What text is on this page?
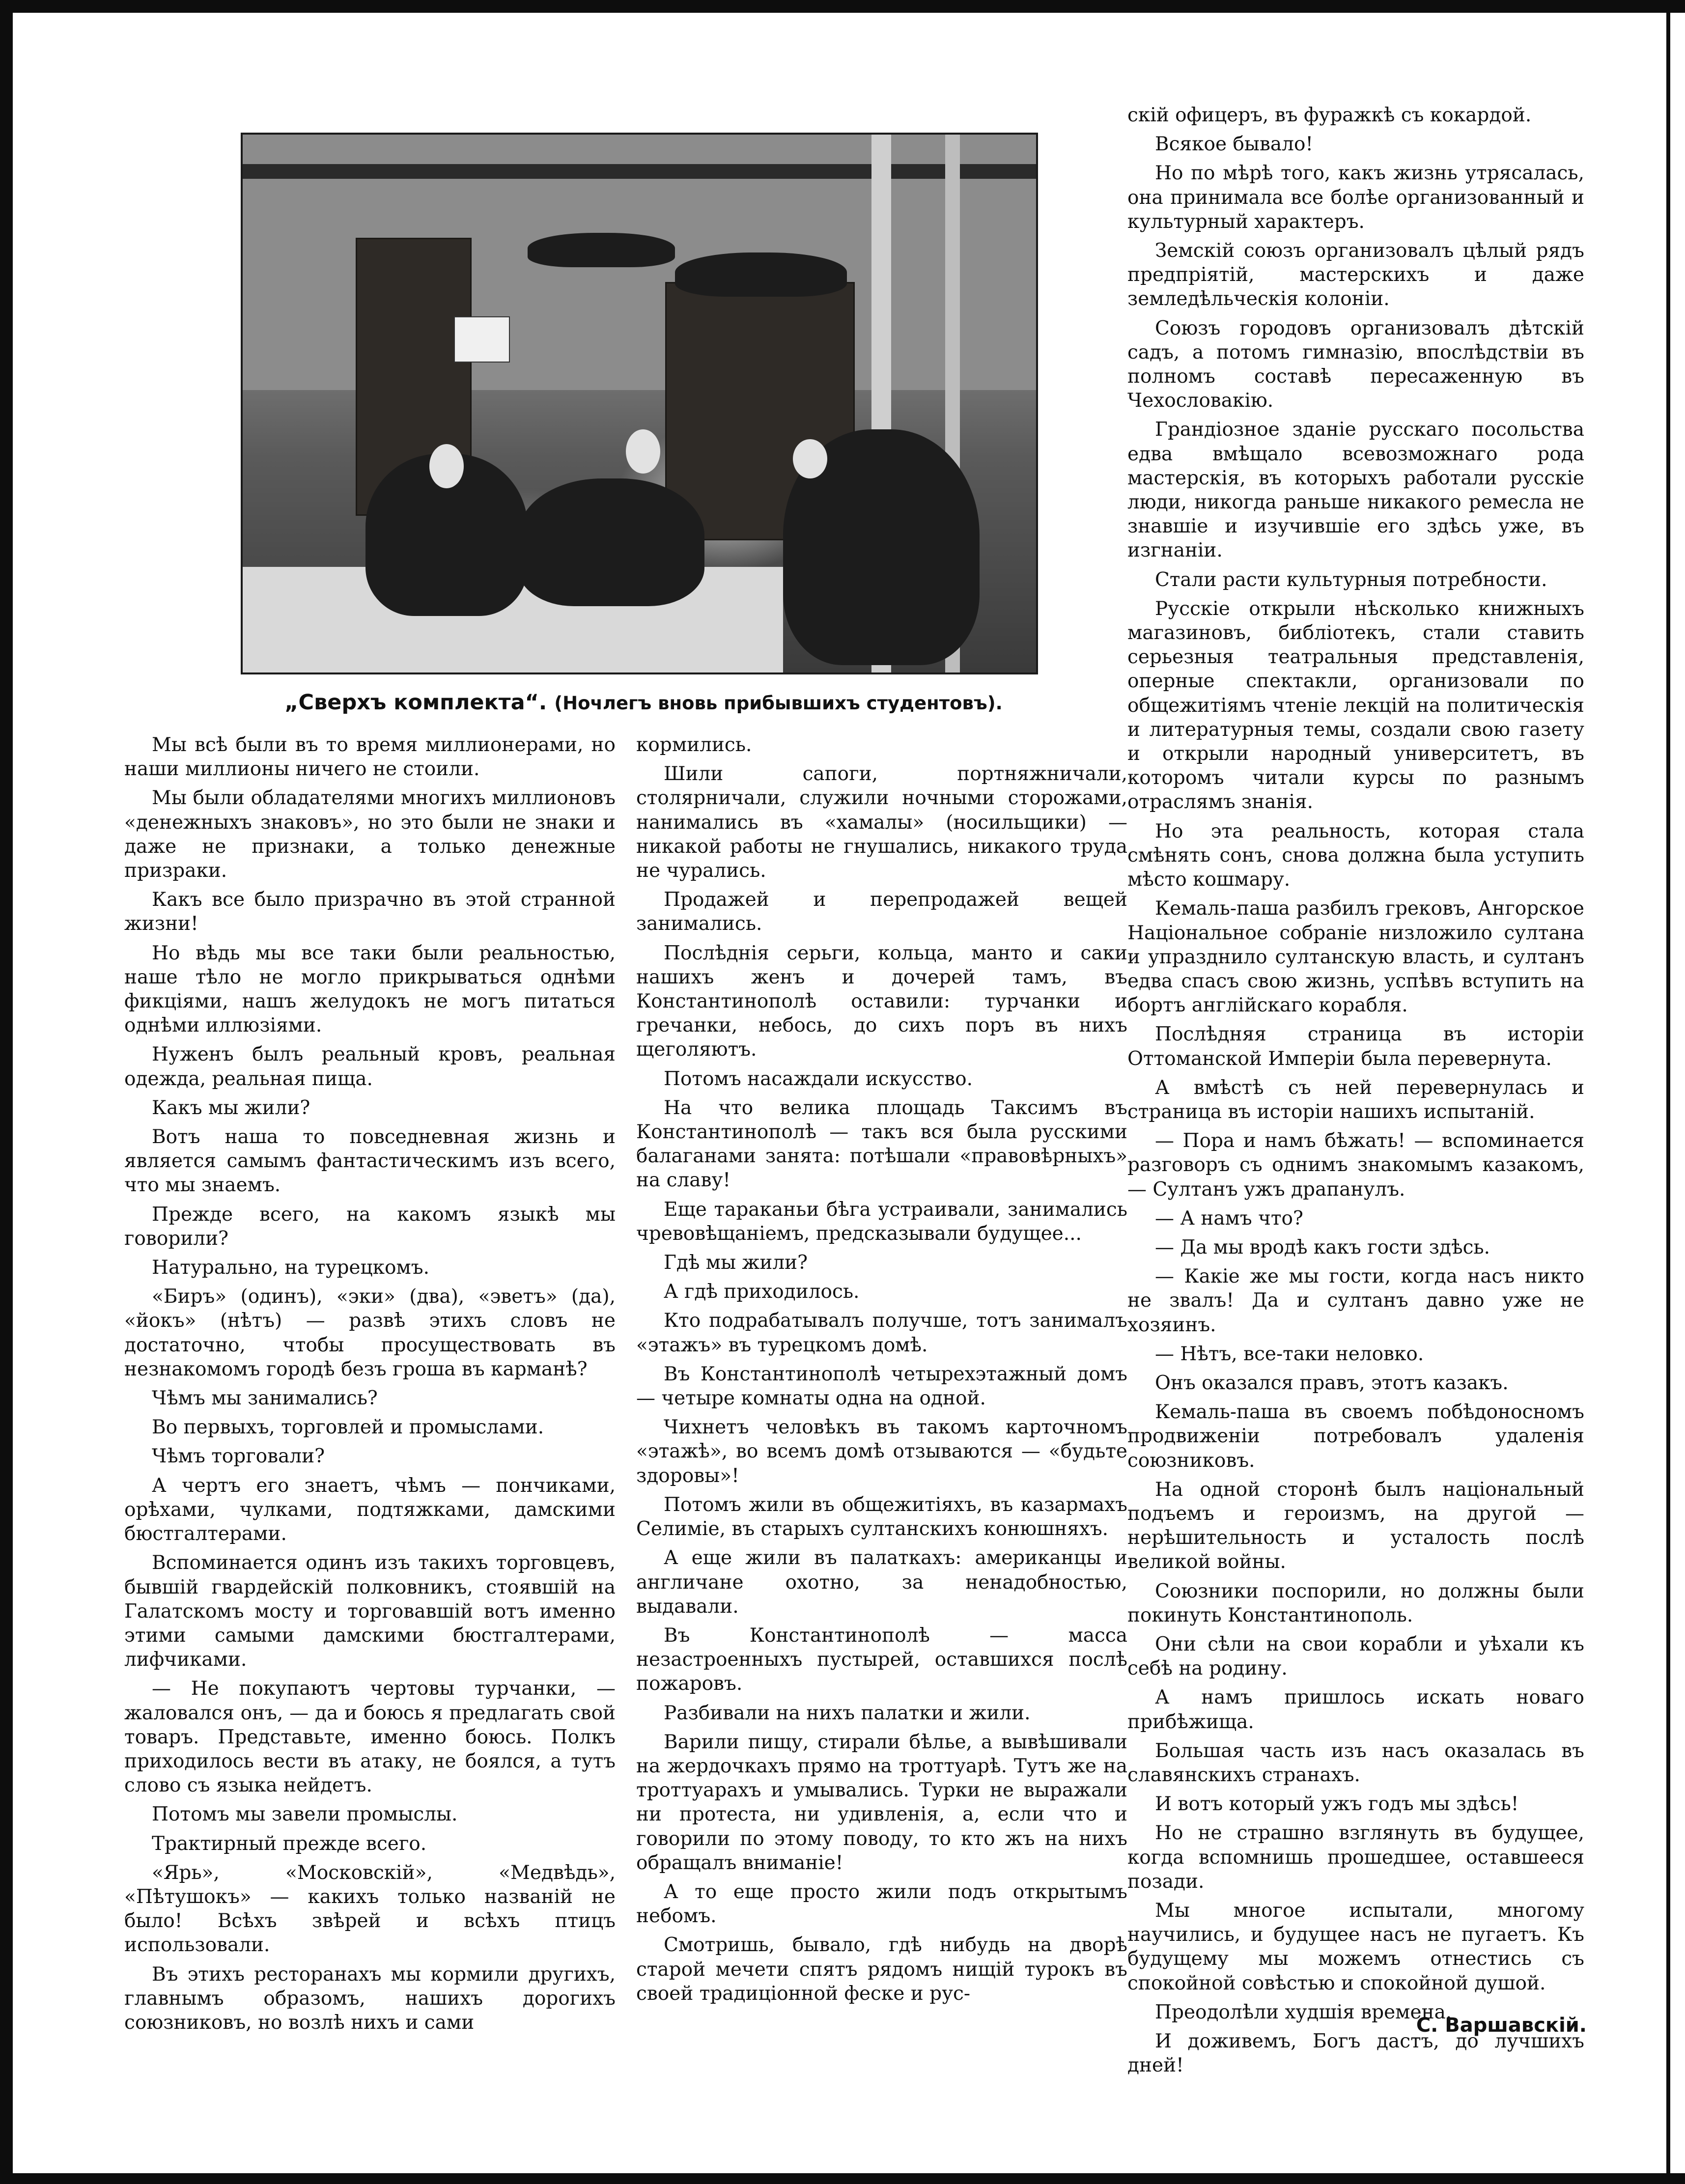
„Сверхъ комплекта“. (Ночлегъ вновь прибывшихъ студентовъ).

Мы всѣ были въ то время миллионерами, но наши миллионы ничего не стоили.

Мы были обладателями многихъ миллионовъ «денежныхъ знаковъ», но это были не знаки и даже не признаки, а только денежные призраки.

Какъ все было призрачно въ этой странной жизни!

Но вѣдь мы все таки были реальностью, наше тѣло не могло прикрываться однѣми фикцiями, нашъ желудокъ не могъ питаться однѣми иллюзiями.

Нуженъ былъ реальный кровъ, реальная одежда, реальная пища.

Какъ мы жили?

Вотъ наша то повседневная жизнь и является самымъ фантастическимъ изъ всего, что мы знаемъ.

Прежде всего, на какомъ языкѣ мы говорили?

Натурально, на турецкомъ.

«Биръ» (одинъ), «эки» (два), «эветъ» (да), «йокъ» (нѣтъ) — развѣ этихъ словъ не достаточно, чтобы просуществовать въ незнакомомъ городѣ безъ гроша въ карманѣ?

Чѣмъ мы занимались?

Во первыхъ, торговлей и промыслами.

Чѣмъ торговали?

А чертъ его знаетъ, чѣмъ — пончиками, орѣхами, чулками, подтяжками, дамскими бюстгалтерами.

Вспоминается одинъ изъ такихъ торговцевъ, бывшiй гвардейскiй полковникъ, стоявшiй на Галатскомъ мосту и торговавшiй вотъ именно этими самыми дамскими бюстгалтерами, лифчиками.

— Не покупаютъ чертовы турчанки, — жаловался онъ, — да и боюсь я предлагать свой товаръ. Представьте, именно боюсь. Полкъ приходилось вести въ атаку, не боялся, а тутъ слово съ языка нейдетъ.

Потомъ мы завели промыслы.

Трактирный прежде всего.

«Ярь», «Московскiй», «Медвѣдь», «Пѣтушокъ» — какихъ только названiй не было! Всѣхъ звѣрей и всѣхъ птицъ использовали.

Въ этихъ ресторанахъ мы кормили другихъ, главнымъ образомъ, нашихъ дорогихъ союзниковъ, но возлѣ нихъ и сами

кормились.

Шили сапоги, портняжничали, столярничали, служили ночными сторожами, нанимались въ «хамалы» (носильщики) — никакой работы не гнушались, никакого труда не чурались.

Продажей и перепродажей вещей занимались.

Послѣднiя серьги, кольца, манто и саки нашихъ женъ и дочерей тамъ, въ Константинополѣ оставили: турчанки и гречанки, небось, до сихъ поръ въ нихъ щеголяютъ.

Потомъ насаждали искусство.

На что велика площадь Таксимъ въ Константинополѣ — такъ вся была русскими балаганами занята: потѣшали «правовѣрныхъ» на славу!

Еще тараканьи бѣга устраивали, занимались чревовѣщанiемъ, предсказывали будущее...

Гдѣ мы жили?

А гдѣ приходилось.

Кто подрабатывалъ получше, тотъ занималъ «этажъ» въ турецкомъ домѣ.

Въ Константинополѣ четырехэтажный домъ — четыре комнаты одна на одной.

Чихнетъ человѣкъ въ такомъ карточномъ «этажѣ», во всемъ домѣ отзываются — «будьте здоровы»!

Потомъ жили въ общежитiяхъ, въ казармахъ Селимiе, въ старыхъ султанскихъ конюшняхъ.

А еще жили въ палаткахъ: американцы и англичане охотно, за ненадобностью, выдавали.

Въ Константинополѣ — масса незастроенныхъ пустырей, оставшихся послѣ пожаровъ.

Разбивали на нихъ палатки и жили.

Варили пищу, стирали бѣлье, а вывѣшивали на жердочкахъ прямо на троттуарѣ. Тутъ же на троттуарахъ и умывались. Турки не выражали ни протеста, ни удивленiя, а, если что и говорили по этому поводу, то кто жъ на нихъ обращалъ вниманiе!

А то еще просто жили подъ открытымъ небомъ.

Смотришь, бывало, гдѣ нибудь на дворѣ старой мечети спятъ рядомъ нищiй турокъ въ своей традицiонной феске и рус-

скiй офицеръ, въ фуражкѣ съ кокардой.

Всякое бывало!

Но по мѣрѣ того, какъ жизнь утрясалась, она принимала все болѣе организованный и культурный характеръ.

Земскiй союзъ организовалъ цѣлый рядъ предпрiятiй, мастерскихъ и даже земледѣльческiя колонiи.

Союзъ городовъ организовалъ дѣтскiй садъ, а потомъ гимназiю, впослѣдствiи въ полномъ составѣ пересаженную въ Чехословакiю.

Грандiозное зданiе русскаго посольства едва вмѣщало всевозможнаго рода мастерскiя, въ которыхъ работали русскiе люди, никогда раньше никакого ремесла не знавшiе и изучившiе его здѣсь уже, въ изгнанiи.

Стали расти культурныя потребности.

Русскiе открыли нѣсколько книжныхъ магазиновъ, библiотекъ, стали ставить серьезныя театральныя представленiя, оперные спектакли, организовали по общежитiямъ чтенiе лекцiй на политическiя и литературныя темы, создали свою газету и открыли народный университетъ, въ которомъ читали курсы по разнымъ отраслямъ знанiя.

Но эта реальность, которая стала смѣнять сонъ, снова должна была уступить мѣсто кошмару.

Кемаль-паша разбилъ грековъ, Ангорское Нацiональное собранiе низложило султана и упразднило султанскую власть, и султанъ едва спасъ свою жизнь, успѣвъ вступить на бортъ англiйскаго корабля.

Послѣдняя страница въ исторiи Оттоманской Имперiи была перевернута.

А вмѣстѣ съ ней перевернулась и страница въ исторiи нашихъ испытанiй.

— Пора и намъ бѣжать! — вспоминается разговоръ съ однимъ знакомымъ казакомъ, — Султанъ ужъ драпанулъ.

— А намъ что?

— Да мы вродѣ какъ гости здѣсь.

— Какiе же мы гости, когда насъ никто не звалъ! Да и султанъ давно уже не хозяинъ.

— Нѣтъ, все-таки неловко.

Онъ оказался правъ, этотъ казакъ.

Кемаль-паша въ своемъ побѣдоносномъ продвиженiи потребовалъ удаленiя союзниковъ.

На одной сторонѣ былъ нацiональный подъемъ и героизмъ, на другой — нерѣшительность и усталость послѣ великой войны.

Союзники поспорили, но должны были покинуть Константинополь.

Они сѣли на свои корабли и уѣхали къ себѣ на родину.

А намъ пришлось искать новаго прибѣжища.

Большая часть изъ насъ оказалась въ славянскихъ странахъ.

И вотъ который ужъ годъ мы здѣсь!

Но не страшно взглянуть въ будущее, когда вспомнишь прошедшее, оставшееся позади.

Мы многое испытали, многому научились, и будущее насъ не пугаетъ. Къ будущему мы можемъ отнестись съ спокойной совѣстью и спокойной душой.

Преодолѣли худшiя времена.

И доживемъ, Богъ дастъ, до лучшихъ дней!

С. Варшавскiй.
